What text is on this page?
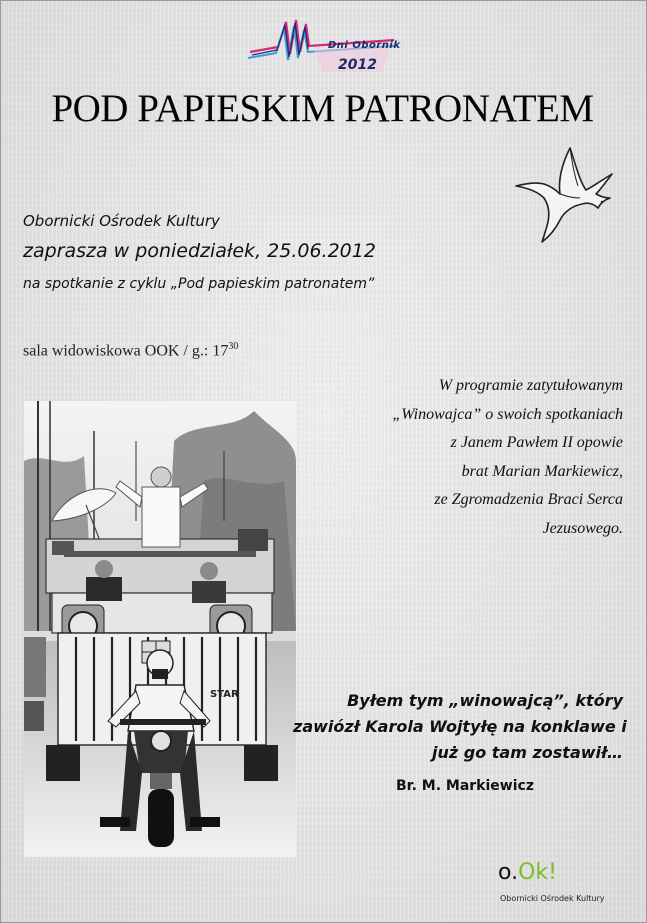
Dni Obornik
2012
POD PAPIESKIM PATRONATEM
Obornicki Ośrodek Kultury
zaprasza w poniedziałek, 25.06.2012
na spotkanie z cyklu „Pod papieskim patronatem”
sala widowiskowa OOK / g.: $17^{30}$
W programie zatytułowanym
„Winowajca” o swoich spotkaniach
z Janem Pawłem II opowie
brat Marian Markiewicz,
ze Zgromadzenia Braci Serca
Jezusowego.
STAR	Byłem tym „winowajcą”, który
zawiózł Karola Wojtyłę na konklawe i
już go tam zostawił…
Br. M. Markiewicz
o.Ok!
Obornicki Ośrodek Kultury
